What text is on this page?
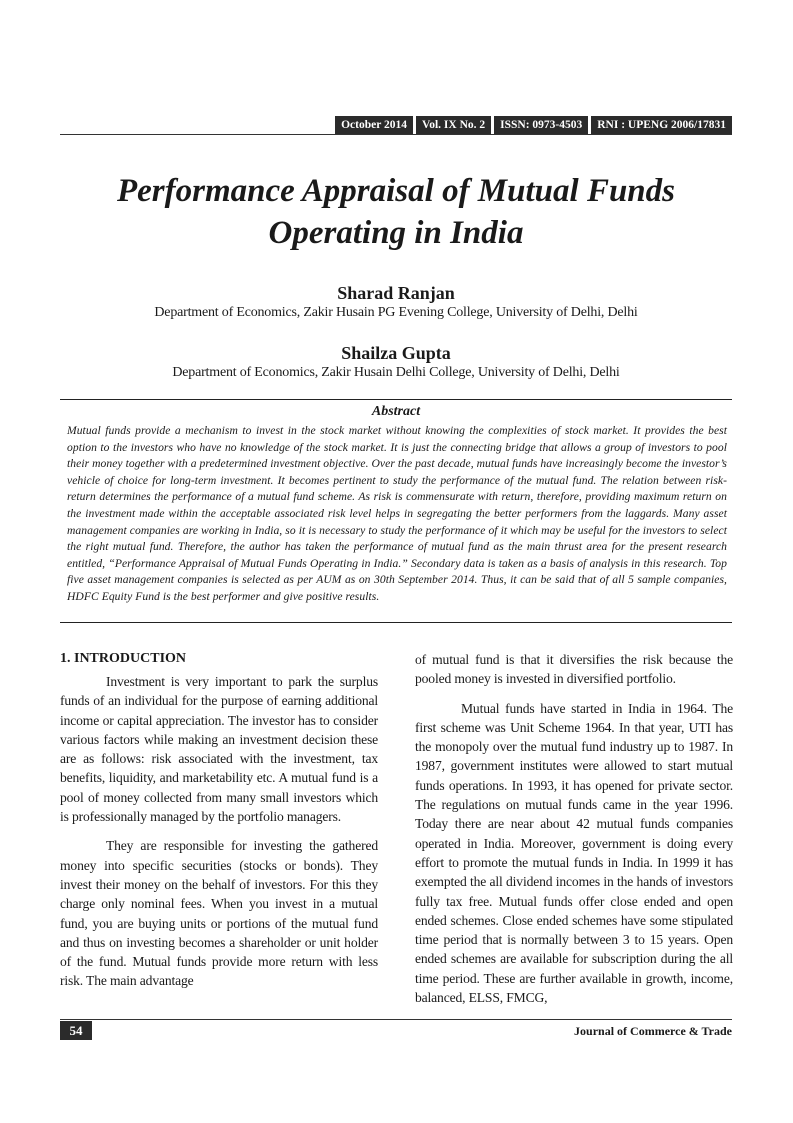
October 2014	Vol. IX No. 2	ISSN: 0973-4503	RNI : UPENG 2006/17831
Performance Appraisal of Mutual Funds
Operating in India
Sharad Ranjan
Department of Economics, Zakir Husain PG Evening College, University of Delhi, Delhi
Shailza Gupta
Department of Economics, Zakir Husain Delhi College, University of Delhi, Delhi
Abstract

Mutual funds provide a mechanism to invest in the stock market without knowing the complexities of stock market. It provides the best option to the investors who have no knowledge of the stock market. It is just the connecting bridge that allows a group of investors to pool their money together with a predetermined investment objective. Over the past decade, mutual funds have increasingly become the investor’s vehicle of choice for long-term investment. It becomes pertinent to study the performance of the mutual fund. The relation between risk-return determines the performance of a mutual fund scheme. As risk is commensurate with return, therefore, providing maximum return on the investment made within the acceptable associated risk level helps in segregating the better performers from the laggards. Many asset management companies are working in India, so it is necessary to study the performance of it which may be useful for the investors to select the right mutual fund. Therefore, the author has taken the performance of mutual fund as the main thrust area for the present research entitled, “Performance Appraisal of Mutual Funds Operating in India.” Secondary data is taken as a basis of analysis in this research. Top five asset management companies is selected as per AUM as on 30th September 2014. Thus, it can be said that of all 5 sample companies, HDFC Equity Fund is the best performer and give positive results.

1. INTRODUCTION

Investment is very important to park the surplus funds of an individual for the purpose of earning additional income or capital appreciation. The investor has to consider various factors while making an investment decision these are as follows: risk associated with the investment, tax benefits, liquidity, and marketability etc. A mutual fund is a pool of money collected from many small investors which is professionally managed by the portfolio managers.

They are responsible for investing the gathered money into specific securities (stocks or bonds). They invest their money on the behalf of investors. For this they charge only nominal fees. When you invest in a mutual fund, you are buying units or portions of the mutual fund and thus on investing becomes a shareholder or unit holder of the fund. Mutual funds provide more return with less risk. The main advantage

of mutual fund is that it diversifies the risk because the pooled money is invested in diversified portfolio.

Mutual funds have started in India in 1964. The first scheme was Unit Scheme 1964. In that year, UTI has the monopoly over the mutual fund industry up to 1987. In 1987, government institutes were allowed to start mutual funds operations. In 1993, it has opened for private sector. The regulations on mutual funds came in the year 1996. Today there are near about 42 mutual funds companies operated in India. Moreover, government is doing every effort to promote the mutual funds in India. In 1999 it has exempted the all dividend incomes in the hands of investors fully tax free. Mutual funds offer close ended and open ended schemes. Close ended schemes have some stipulated time period that is normally between 3 to 15 years. Open ended schemes are available for subscription during the all time period. These are further available in growth, income, balanced, ELSS, FMCG,

54	Journal of Commerce & Trade
